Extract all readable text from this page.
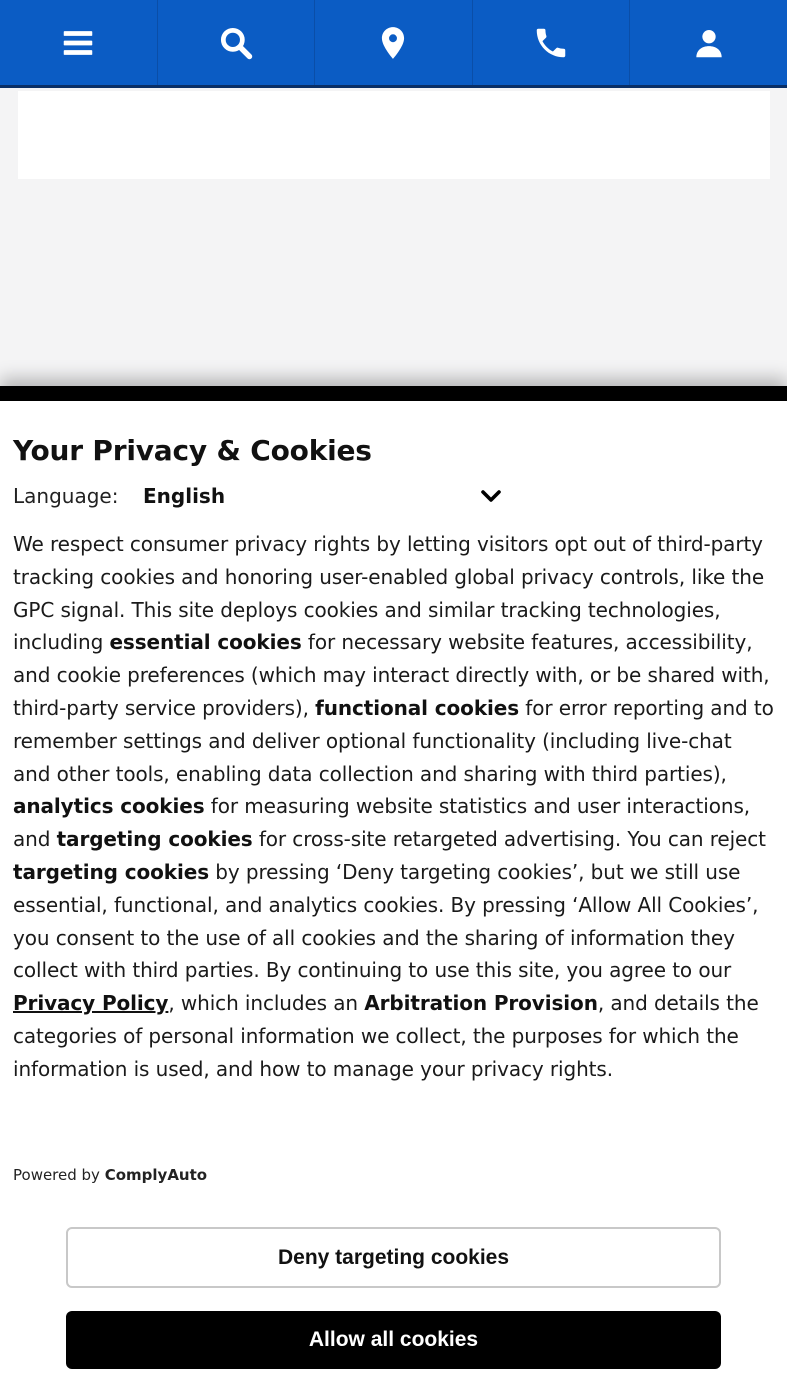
Your Privacy & Cookies
Language:	English

We respect consumer privacy rights by letting visitors opt out of third-party tracking cookies and honoring user-enabled global privacy controls, like the GPC signal. This site deploys cookies and similar tracking technologies, including essential cookies for necessary website features, accessibility, and cookie preferences (which may interact directly with, or be shared with, third-party service providers), functional cookies for error reporting and to remember settings and deliver optional functionality (including live-chat and other tools, enabling data collection and sharing with third parties), analytics cookies for measuring website statistics and user interactions, and targeting cookies for cross-site retargeted advertising. You can reject targeting cookies by pressing ‘Deny targeting cookies’, but we still use essential, functional, and analytics cookies. By pressing ‘Allow All Cookies’, you consent to the use of all cookies and the sharing of information they collect with third parties. By continuing to use this site, you agree to our Privacy Policy, which includes an Arbitration Provision, and details the categories of personal information we collect, the purposes for which the information is used, and how to manage your privacy rights.

Powered by ComplyAuto
Deny targeting cookies
Allow all cookies
